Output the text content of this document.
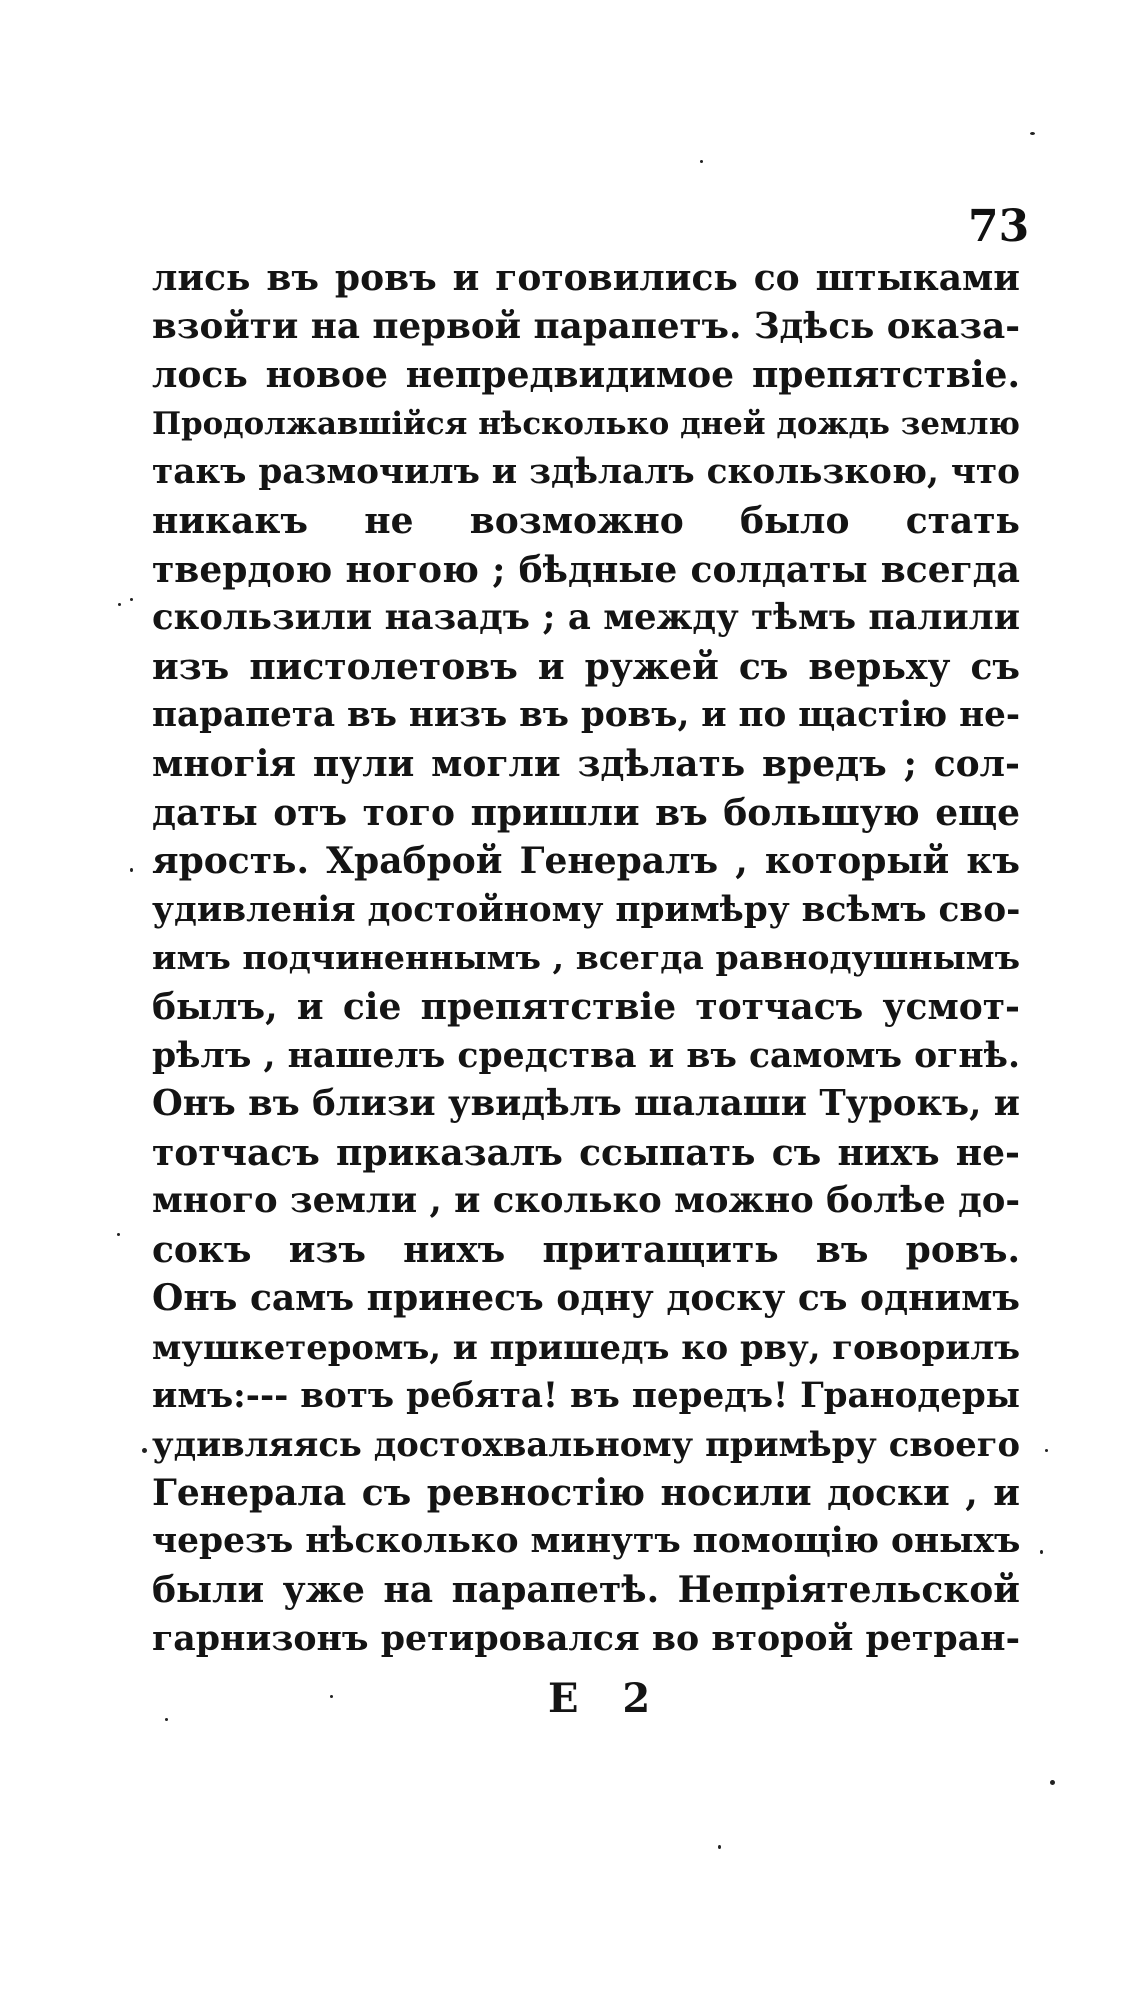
73
лись въ ровъ и готовились со штыками
взойти на первой парапетъ. Здѣсь оказа-
лось новое непредвидимое препятствіе.
Продолжавшійся нѣсколько дней дождь землю
такъ размочилъ и здѣлалъ скользкою, что
никакъ не возможно было стать
твердою ногою ; бѣдные солдаты всегда
скользили назадъ ; а между тѣмъ палили
изъ пистолетовъ и ружей съ верьху съ
парапета въ низъ въ ровъ, и по щастію не-
многія пули могли здѣлать вредъ ; сол-
даты отъ того пришли въ большую еще
ярость. Храброй Генералъ , который къ
удивленія достойному примѣру всѣмъ сво-
имъ подчиненнымъ , всегда равнодушнымъ
былъ, и сіе препятствіе тотчасъ усмот-
рѣлъ , нашелъ средства и въ самомъ огнѣ.
Онъ въ близи увидѣлъ шалаши Турокъ, и
тотчасъ приказалъ ссыпать съ нихъ не-
много земли , и сколько можно болѣе до-
сокъ изъ нихъ притащить въ ровъ.
Онъ самъ принесъ одну доску съ однимъ
мушкетеромъ, и пришедъ ко рву, говорилъ
имъ:--- вотъ ребята! въ передъ! Гранодеры
удивляясь достохвальному примѣру своего
Генерала съ ревностію носили доски , и
черезъ нѣсколько минутъ помощію оныхъ
были уже на парапетѣ. Непріятельской
гарнизонъ ретировался во второй ретран-
Е 2
